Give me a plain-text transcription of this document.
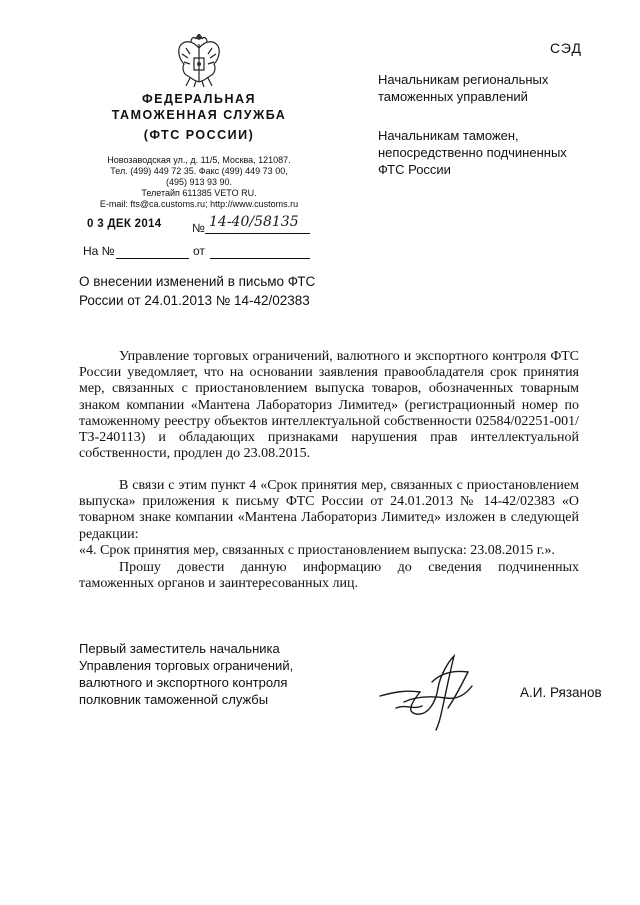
ФЕДЕРАЛЬНАЯ
ТАМОЖЕННАЯ СЛУЖБА
(ФТС РОССИИ)
Новозаводская ул., д. 11/5, Москва, 121087.
Тел. (499) 449 72 35. Факс (499) 449 73 00,
(495) 913 93 90.
Телетайп 611385 VETO RU.
E-mail: fts@ca.customs.ru; http://www.customs.ru
СЭД
Начальникам региональных
таможенных управлений
Начальникам таможен,
непосредственно подчиненных
ФТС России
0 3 ДЕК 2014	№ 14-40/58135
На №	от
О внесении изменений в письмо ФТС
России от 24.01.2013 № 14-42/02383
Управление торговых ограничений, валютного и экспортного контроля ФТС России уведомляет, что на основании заявления правообладателя срок принятия мер, связанных с приостановлением выпуска товаров, обозначенных товарным знаком компании «Мантена Лабораториз Лимитед» (регистрационный номер по таможенному реестру объектов интеллектуальной собственности 02584/02251-001/ТЗ-240113) и обладающих признаками нарушения прав интеллектуальной собственности, продлен до 23.08.2015.
В связи с этим пункт 4 «Срок принятия мер, связанных с приостановлением выпуска» приложения к письму ФТС России от 24.01.2013 № 14-42/02383 «О товарном знаке компании «Мантена Лабораториз Лимитед» изложен в следующей редакции:
«4. Срок принятия мер, связанных с приостановлением выпуска: 23.08.2015 г.».
Прошу довести данную информацию до сведения подчиненных таможенных органов и заинтересованных лиц.
Первый заместитель начальника
Управления торговых ограничений,
валютного и экспортного контроля
полковник таможенной службы	А.И. Рязанов
